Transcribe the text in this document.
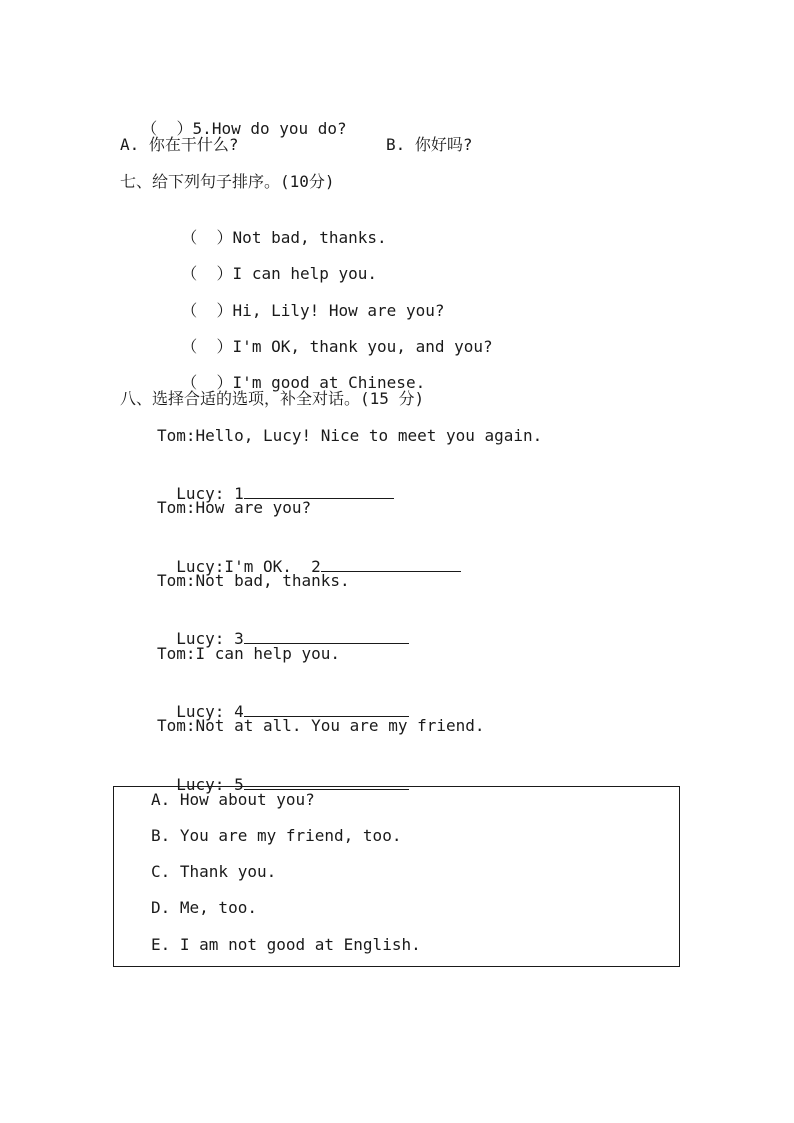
（  ）5.How do you do?

A. 你在干什么?	B. 你好吗?
七、给下列句子排序。(10分)

（  ）Not bad, thanks.

（  ）I can help you.

（  ）Hi, Lily! How are you?

（  ）I'm OK, thank you, and you?

（  ）I'm good at Chinese.

八、选择合适的选项，补全对话。(15 分)
Tom:Hello, Lucy! Nice to meet you again.

Lucy: 1

Tom:How are you?

Lucy:I'm OK.  2

Tom:Not bad, thanks.

Lucy: 3

Tom:I can help you.

Lucy: 4

Tom:Not at all. You are my friend.

Lucy: 5

A. How about you?
B. You are my friend, too.
C. Thank you.
D. Me, too.
E. I am not good at English.
